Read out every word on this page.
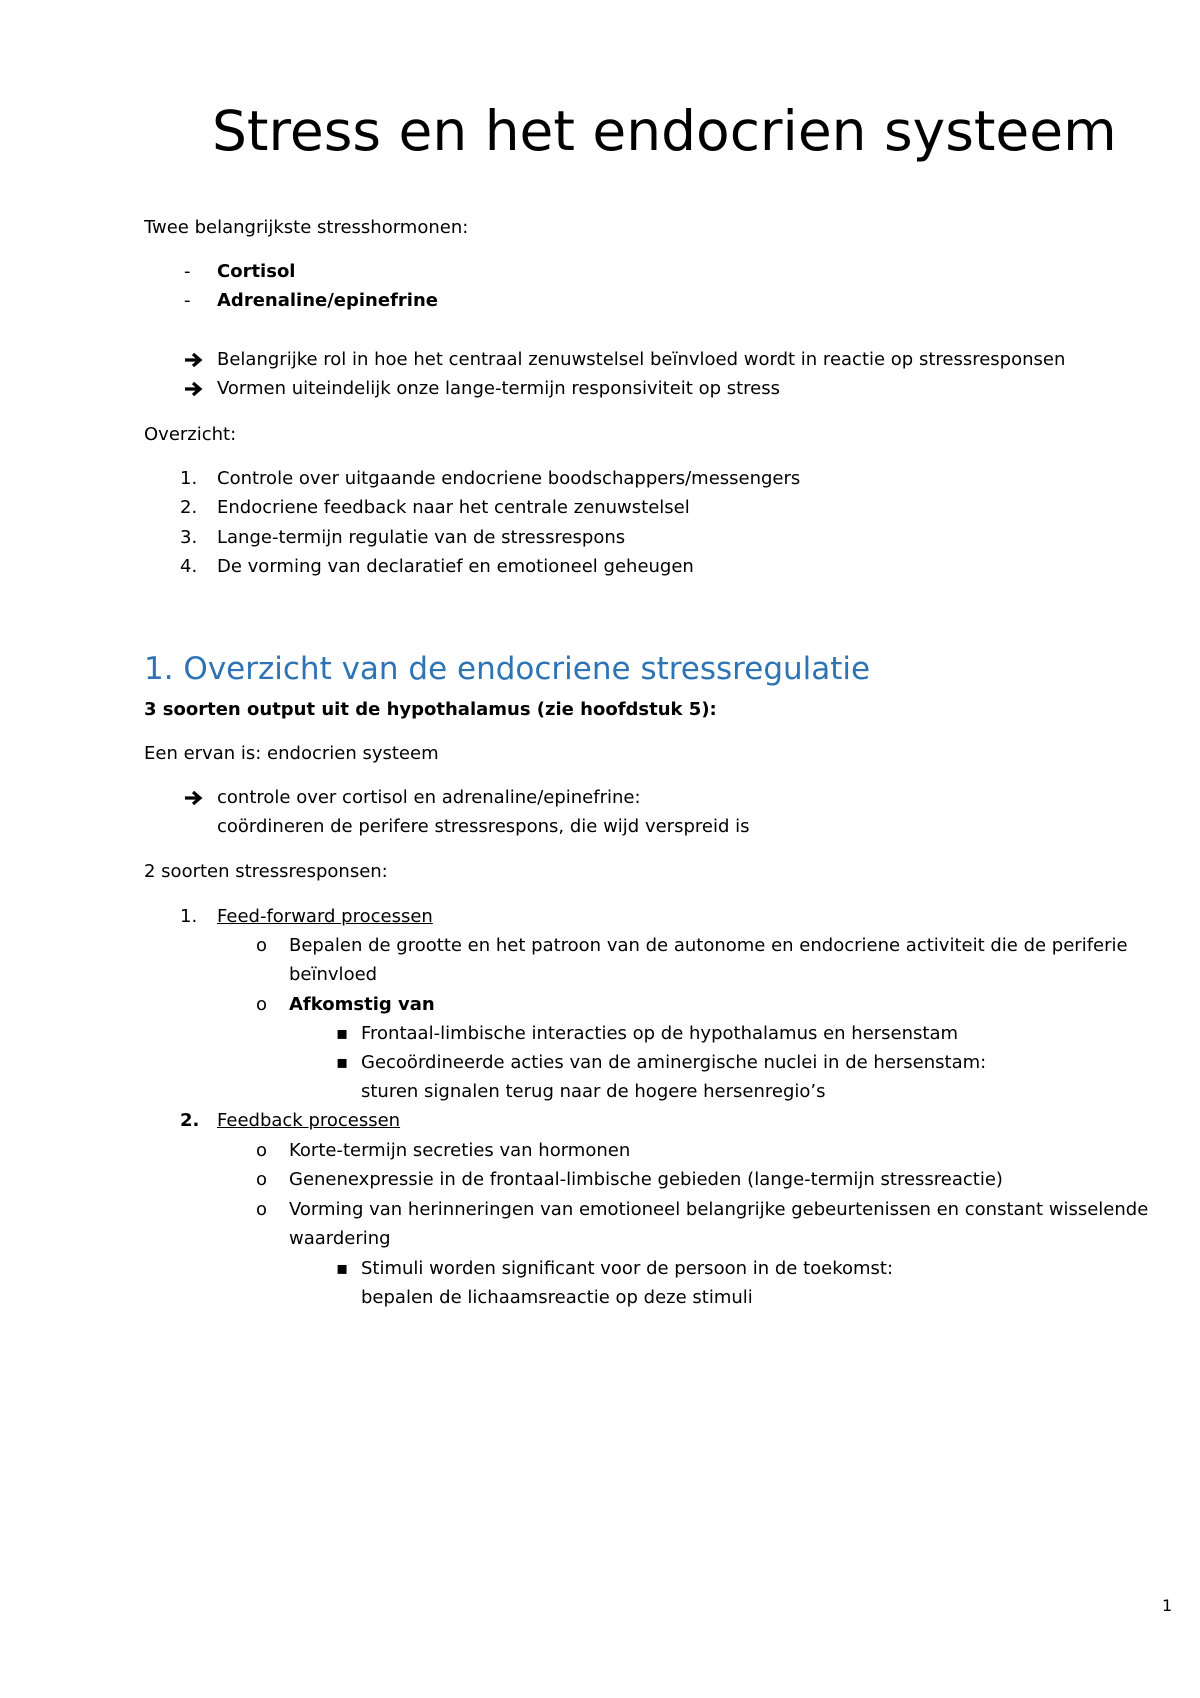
Stress en het endocrien systeem
Twee belangrijkste stresshormonen:
- Cortisol
- Adrenaline/epinefrine
Belangrijke rol in hoe het centraal zenuwstelsel beïnvloed wordt in reactie op stressresponsen
Vormen uiteindelijk onze lange-termijn responsiviteit op stress
Overzicht:
1. Controle over uitgaande endocriene boodschappers/messengers
2. Endocriene feedback naar het centrale zenuwstelsel
3. Lange-termijn regulatie van de stressrespons
4. De vorming van declaratief en emotioneel geheugen
1. Overzicht van de endocriene stressregulatie
3 soorten output uit de hypothalamus (zie hoofdstuk 5):
Een ervan is: endocrien systeem
controle over cortisol en adrenaline/epinefrine:
coördineren de perifere stressrespons, die wijd verspreid is
2 soorten stressresponsen:
1. Feed-forward processen
o Bepalen de grootte en het patroon van de autonome en endocriene activiteit die de periferie
beïnvloed
o Afkomstig van
▪ Frontaal-limbische interacties op de hypothalamus en hersenstam
▪ Gecoördineerde acties van de aminergische nuclei in de hersenstam:
sturen signalen terug naar de hogere hersenregio’s
2. Feedback processen
o Korte-termijn secreties van hormonen
o Genenexpressie in de frontaal-limbische gebieden (lange-termijn stressreactie)
o Vorming van herinneringen van emotioneel belangrijke gebeurtenissen en constant wisselende
waardering
▪ Stimuli worden significant voor de persoon in de toekomst:
bepalen de lichaamsreactie op deze stimuli
1
